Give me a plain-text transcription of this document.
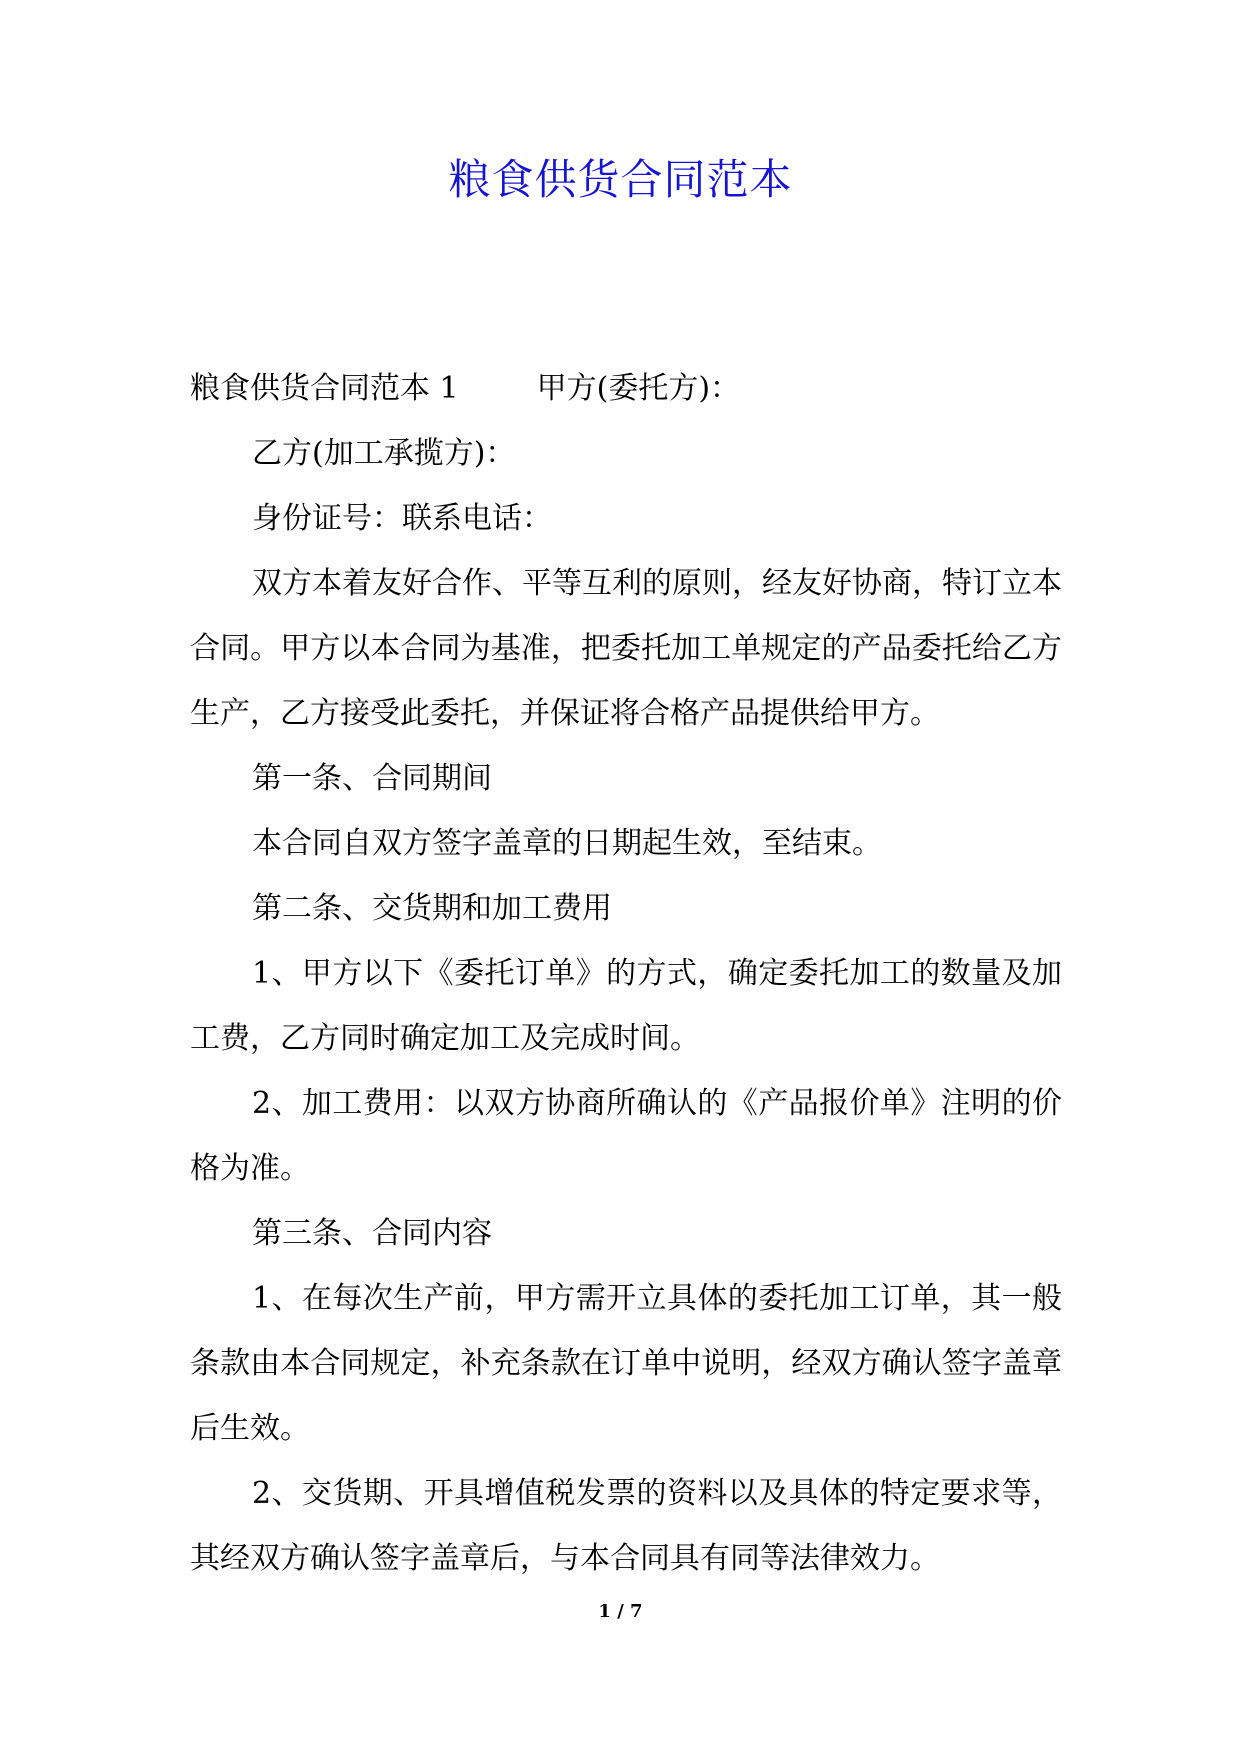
粮食供货合同范本

粮食供货合同范本 1	甲方(委托方)：

乙方(加工承揽方)：

身份证号：联系电话：

双方本着友好合作、平等互利的原则，经友好协商，特订立本合同。甲方以本合同为基准，把委托加工单规定的产品委托给乙方生产，乙方接受此委托，并保证将合格产品提供给甲方。

第一条、合同期间

本合同自双方签字盖章的日期起生效，至结束。

第二条、交货期和加工费用

1、甲方以下《委托订单》的方式，确定委托加工的数量及加工费，乙方同时确定加工及完成时间。

2、加工费用：以双方协商所确认的《产品报价单》注明的价格为准。

第三条、合同内容

1、在每次生产前，甲方需开立具体的委托加工订单，其一般条款由本合同规定，补充条款在订单中说明，经双方确认签字盖章后生效。

2、交货期、开具增值税发票的资料以及具体的特定要求等，其经双方确认签字盖章后，与本合同具有同等法律效力。

1 / 7
